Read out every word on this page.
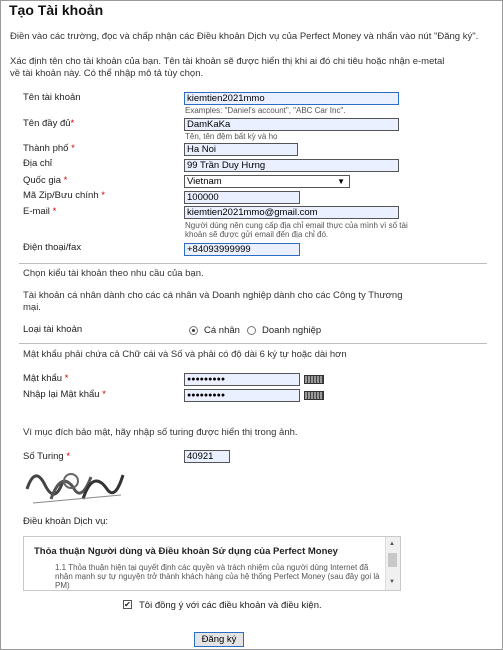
Tạo Tài khoản
Điền vào các trường, đọc và chấp nhận các Điều khoản Dịch vụ của Perfect Money và nhấn vào nút "Đăng ký".
Xác định tên cho tài khoản của bạn. Tên tài khoản sẽ được hiển thị khi ai đó chi tiêu hoặc nhận e-metal về tài khoản này. Có thể nhập mô tả tùy chọn.
Tên tài khoản	kiemtien2021mmo
Examples: "Daniel's account", "ABC Car Inc".
Tên đầy đủ*	DamKaKa
Tên, tên đệm bất kỳ và họ
Thành phố *	Ha Noi
Địa chỉ	99 Trần Duy Hưng
Quốc gia *	Vietnam	▼
Mã Zip/Bưu chính *	100000
E-mail *	kiemtien2021mmo@gmail.com
Người dùng nên cung cấp địa chỉ email thực của mình vì số tài khoản sẽ được gửi email đến địa chỉ đó.
Điện thoại/fax	+84093999999
Chọn kiểu tài khoản theo nhu cầu của bạn.
Tài khoản cá nhân dành cho các cá nhân và Doanh nghiệp dành cho các Công ty Thương mại.
Loại tài khoản	Cá nhân Doanh nghiệp
Mật khẩu phải chứa cả Chữ cái và Số và phải có độ dài 6 ký tự hoặc dài hơn
Mật khẩu *	●●●●●●●●●
Nhập lại Mật khẩu *	●●●●●●●●●
Vì mục đích bảo mật, hãy nhập số turing được hiển thị trong ảnh.
Số Turing *	40921
Điều khoản Dịch vụ:
Thỏa thuận Người dùng và Điều khoản Sử dụng của Perfect Money
1.1 Thỏa thuận hiện tại quyết định các quyền và trách nhiệm của người dùng Internet đã nhận mạnh sự tự nguyện trở thành khách hàng của hệ thống Perfect Money (sau đây gọi là PM)
▲
▼
✔ Tôi đồng ý với các điều khoản và điều kiện.
Đăng ký
